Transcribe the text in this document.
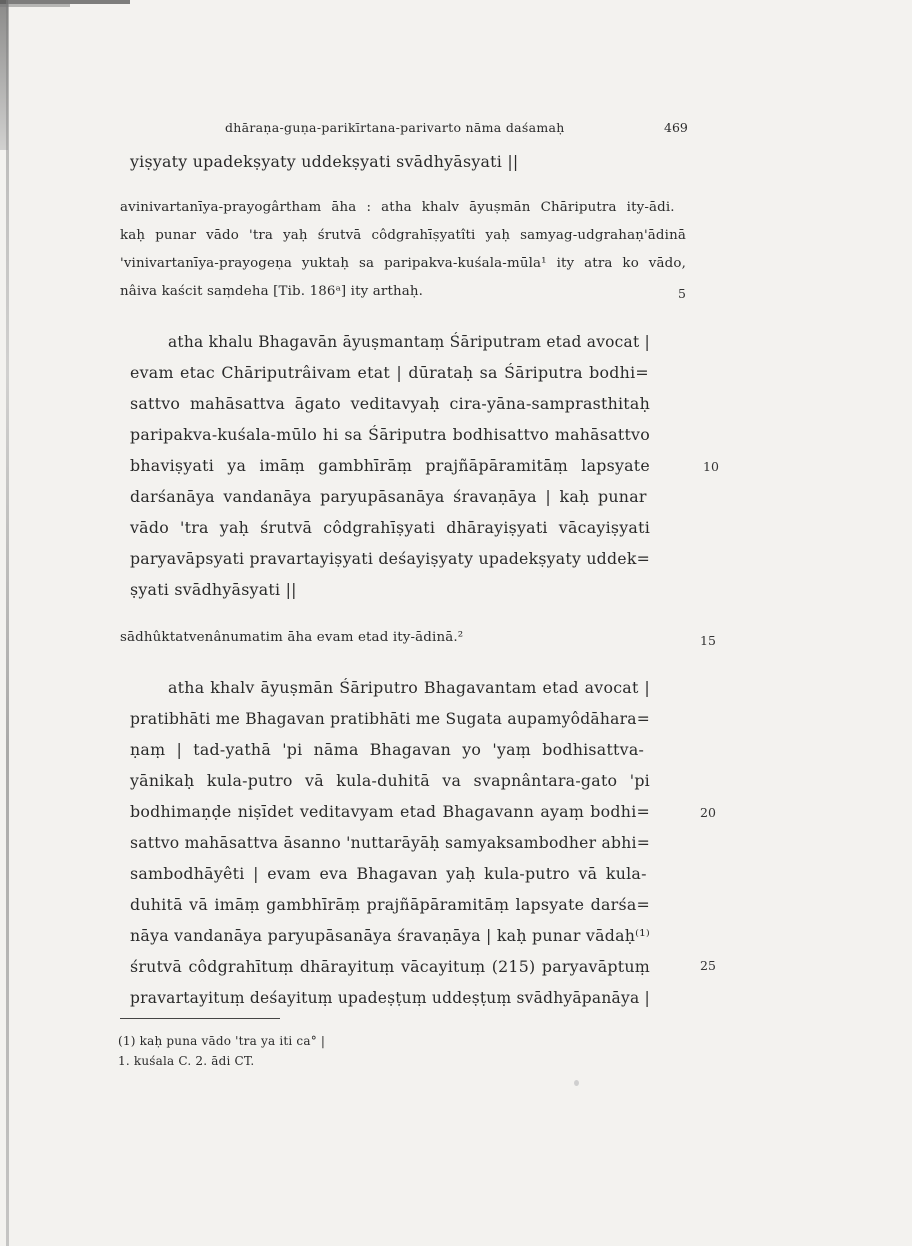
dhāraṇa-guṇa-parikīrtana-parivarto nāma daśamaḥ	469
yiṣyaty upadekṣyaty uddekṣyati svādhyāsyati ||
avinivartanīya-prayogârtham āha : atha khalv āyuṣmān Chāriputra ity-ādi.
kaḥ punar vādo 'tra yaḥ śrutvā côdgrahīṣyatîti yaḥ samyag-udgrahaṇ'ādinā
'vinivartanīya-prayogeṇa yuktaḥ sa paripakva-kuśala-mūla¹ ity atra ko vādo,
nâiva kaścit saṃdeha [Tib. 186ᵃ] ity arthaḥ.
atha khalu Bhagavān āyuṣmantaṃ Śāriputram etad avocat |
evam etac Chāriputrâivam etat | dūrataḥ sa Śāriputra bodhi=
sattvo mahāsattva āgato veditavyaḥ cira-yāna-samprasthitaḥ
paripakva-kuśala-mūlo hi sa Śāriputra bodhisattvo mahāsattvo
bhaviṣyati ya imāṃ gambhīrāṃ prajñāpāramitāṃ lapsyate
darśanāya vandanāya paryupāsanāya śravaṇāya | kaḥ punar
vādo 'tra yaḥ śrutvā côdgrahīṣyati dhārayiṣyati vācayiṣyati
paryavāpsyati pravartayiṣyati deśayiṣyaty upadekṣyaty uddek=
ṣyati svādhyāsyati ||
sādhûktatvenânumatim āha evam etad ity-ādinā.²
atha khalv āyuṣmān Śāriputro Bhagavantam etad avocat |
pratibhāti me Bhagavan pratibhāti me Sugata aupamyôdāhara=
ṇaṃ | tad-yathā 'pi nāma Bhagavan yo 'yaṃ bodhisattva-
yānikaḥ kula-putro vā kula-duhitā va svapnântara-gato 'pi
bodhimaṇḍe niṣīdet veditavyam etad Bhagavann ayaṃ bodhi=
sattvo mahāsattva āsanno 'nuttarāyāḥ samyaksambodher abhi=
sambodhāyêti | evam eva Bhagavan yaḥ kula-putro vā kula-
duhitā vā imāṃ gambhīrāṃ prajñāpāramitāṃ lapsyate darśa=
nāya vandanāya paryupāsanāya śravaṇāya | kaḥ punar vādaḥ⁽¹⁾
śrutvā côdgrahītuṃ dhārayituṃ vācayituṃ (215) paryavāptuṃ
pravartayituṃ deśayituṃ upadeṣṭuṃ uddeṣṭuṃ svādhyāpanāya |
5
10
15
20
25
(1) kaḥ puna vādo 'tra ya iti ca° |
1. kuśala C. 2. ādi CT.
